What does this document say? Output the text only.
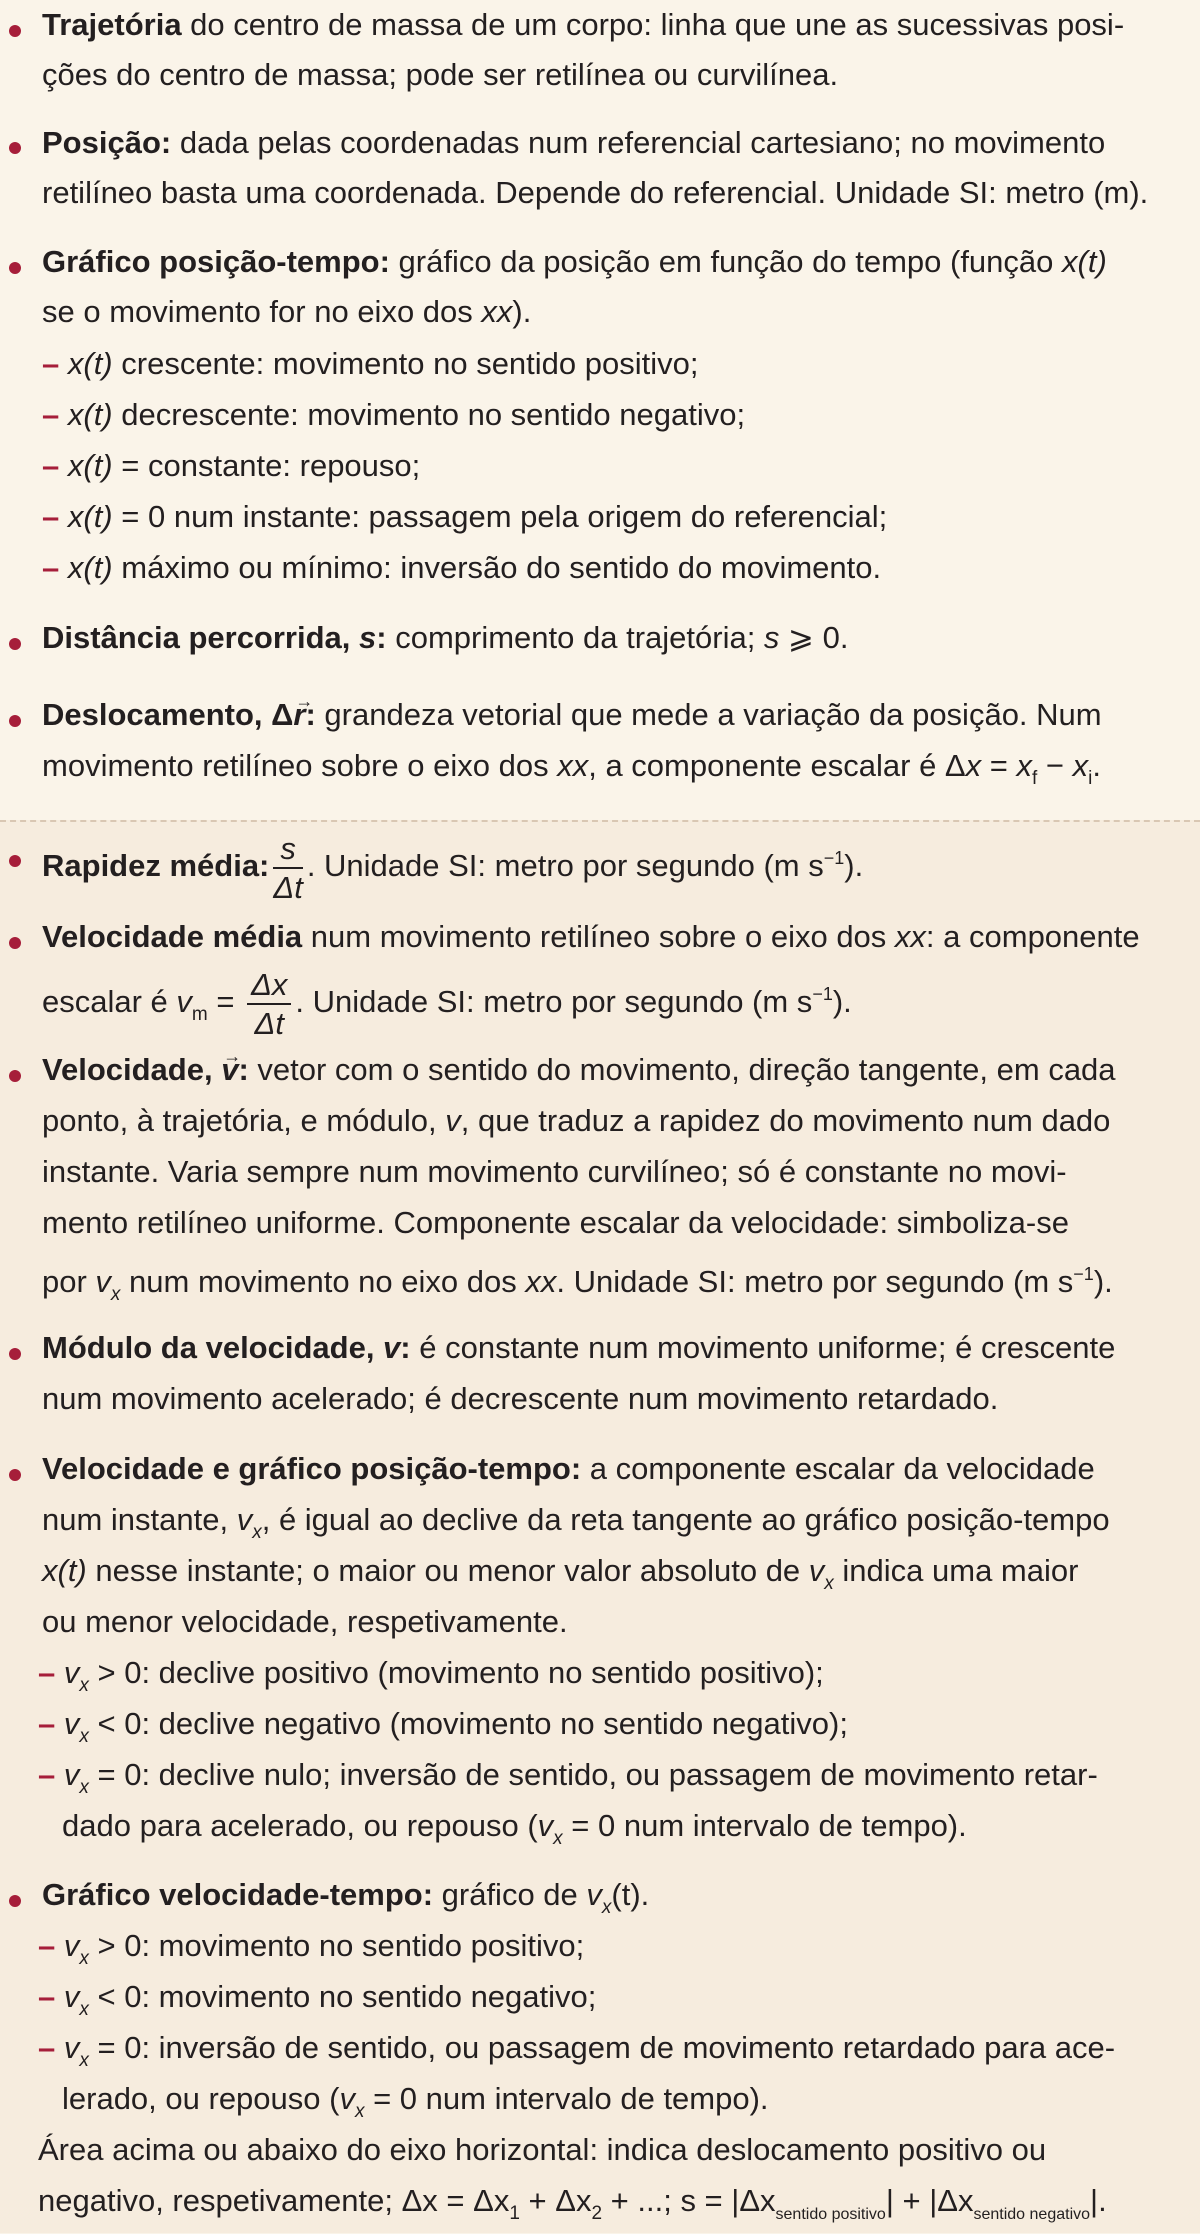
Trajetória do centro de massa de um corpo: linha que une as sucessivas posi-
ções do centro de massa; pode ser retilínea ou curvilínea.
Posição: dada pelas coordenadas num referencial cartesiano; no movimento
retilíneo basta uma coordenada. Depende do referencial. Unidade SI: metro (m).
Gráfico posição-tempo: gráfico da posição em função do tempo (função x(t)
se o movimento for no eixo dos xx).
– x(t) crescente: movimento no sentido positivo;
– x(t) decrescente: movimento no sentido negativo;
– x(t) = constante: repouso;
– x(t) = 0 num instante: passagem pela origem do referencial;
– x(t) máximo ou mínimo: inversão do sentido do movimento.
Distância percorrida, s: comprimento da trajetória; s ⩾ 0.
Deslocamento, Δr →: grandeza vetorial que mede a variação da posição. Num
movimento retilíneo sobre o eixo dos xx, a componente escalar é $\Delta x = x_f - x_i$.
Rapidez média: $\frac{s}{\Delta t}$ . Unidade SI: metro por segundo (m $s^{-1}$).
Velocidade média num movimento retilíneo sobre o eixo dos xx: a componente
escalar é $v_m = \frac{\Delta x}{\Delta t}$ . Unidade SI: metro por segundo (m $s^{-1}$).
Velocidade, v →: vetor com o sentido do movimento, direção tangente, em cada
ponto, à trajetória, e módulo, v, que traduz a rapidez do movimento num dado
instante. Varia sempre num movimento curvilíneo; só é constante no movi-
mento retilíneo uniforme. Componente escalar da velocidade: simboliza-se
por $v_x$ num movimento no eixo dos xx. Unidade SI: metro por segundo (m $s^{-1}$).
Módulo da velocidade, v: é constante num movimento uniforme; é crescente
num movimento acelerado; é decrescente num movimento retardado.
Velocidade e gráfico posição-tempo: a componente escalar da velocidade
num instante, $v_x$, é igual ao declive da reta tangente ao gráfico posição-tempo
x(t) nesse instante; o maior ou menor valor absoluto de $v_x$ indica uma maior
ou menor velocidade, respetivamente.
– $v_x > 0$: declive positivo (movimento no sentido positivo);
– $v_x < 0$: declive negativo (movimento no sentido negativo);
– $v_x = 0$: declive nulo; inversão de sentido, ou passagem de movimento retar-
dado para acelerado, ou repouso ($v_x = 0$ num intervalo de tempo).
Gráfico velocidade-tempo: gráfico de $v_x(t)$.
– $v_x > 0$: movimento no sentido positivo;
– $v_x < 0$: movimento no sentido negativo;
– $v_x = 0$: inversão de sentido, ou passagem de movimento retardado para ace-
lerado, ou repouso ($v_x = 0$ num intervalo de tempo).
Área acima ou abaixo do eixo horizontal: indica deslocamento positivo ou
negativo, respetivamente; $\Delta x = \Delta x_1 + \Delta x_2$ + ...; $s = |\Delta x_{sentido positivo}| + |\Delta x_{sentido negativo}|$.
